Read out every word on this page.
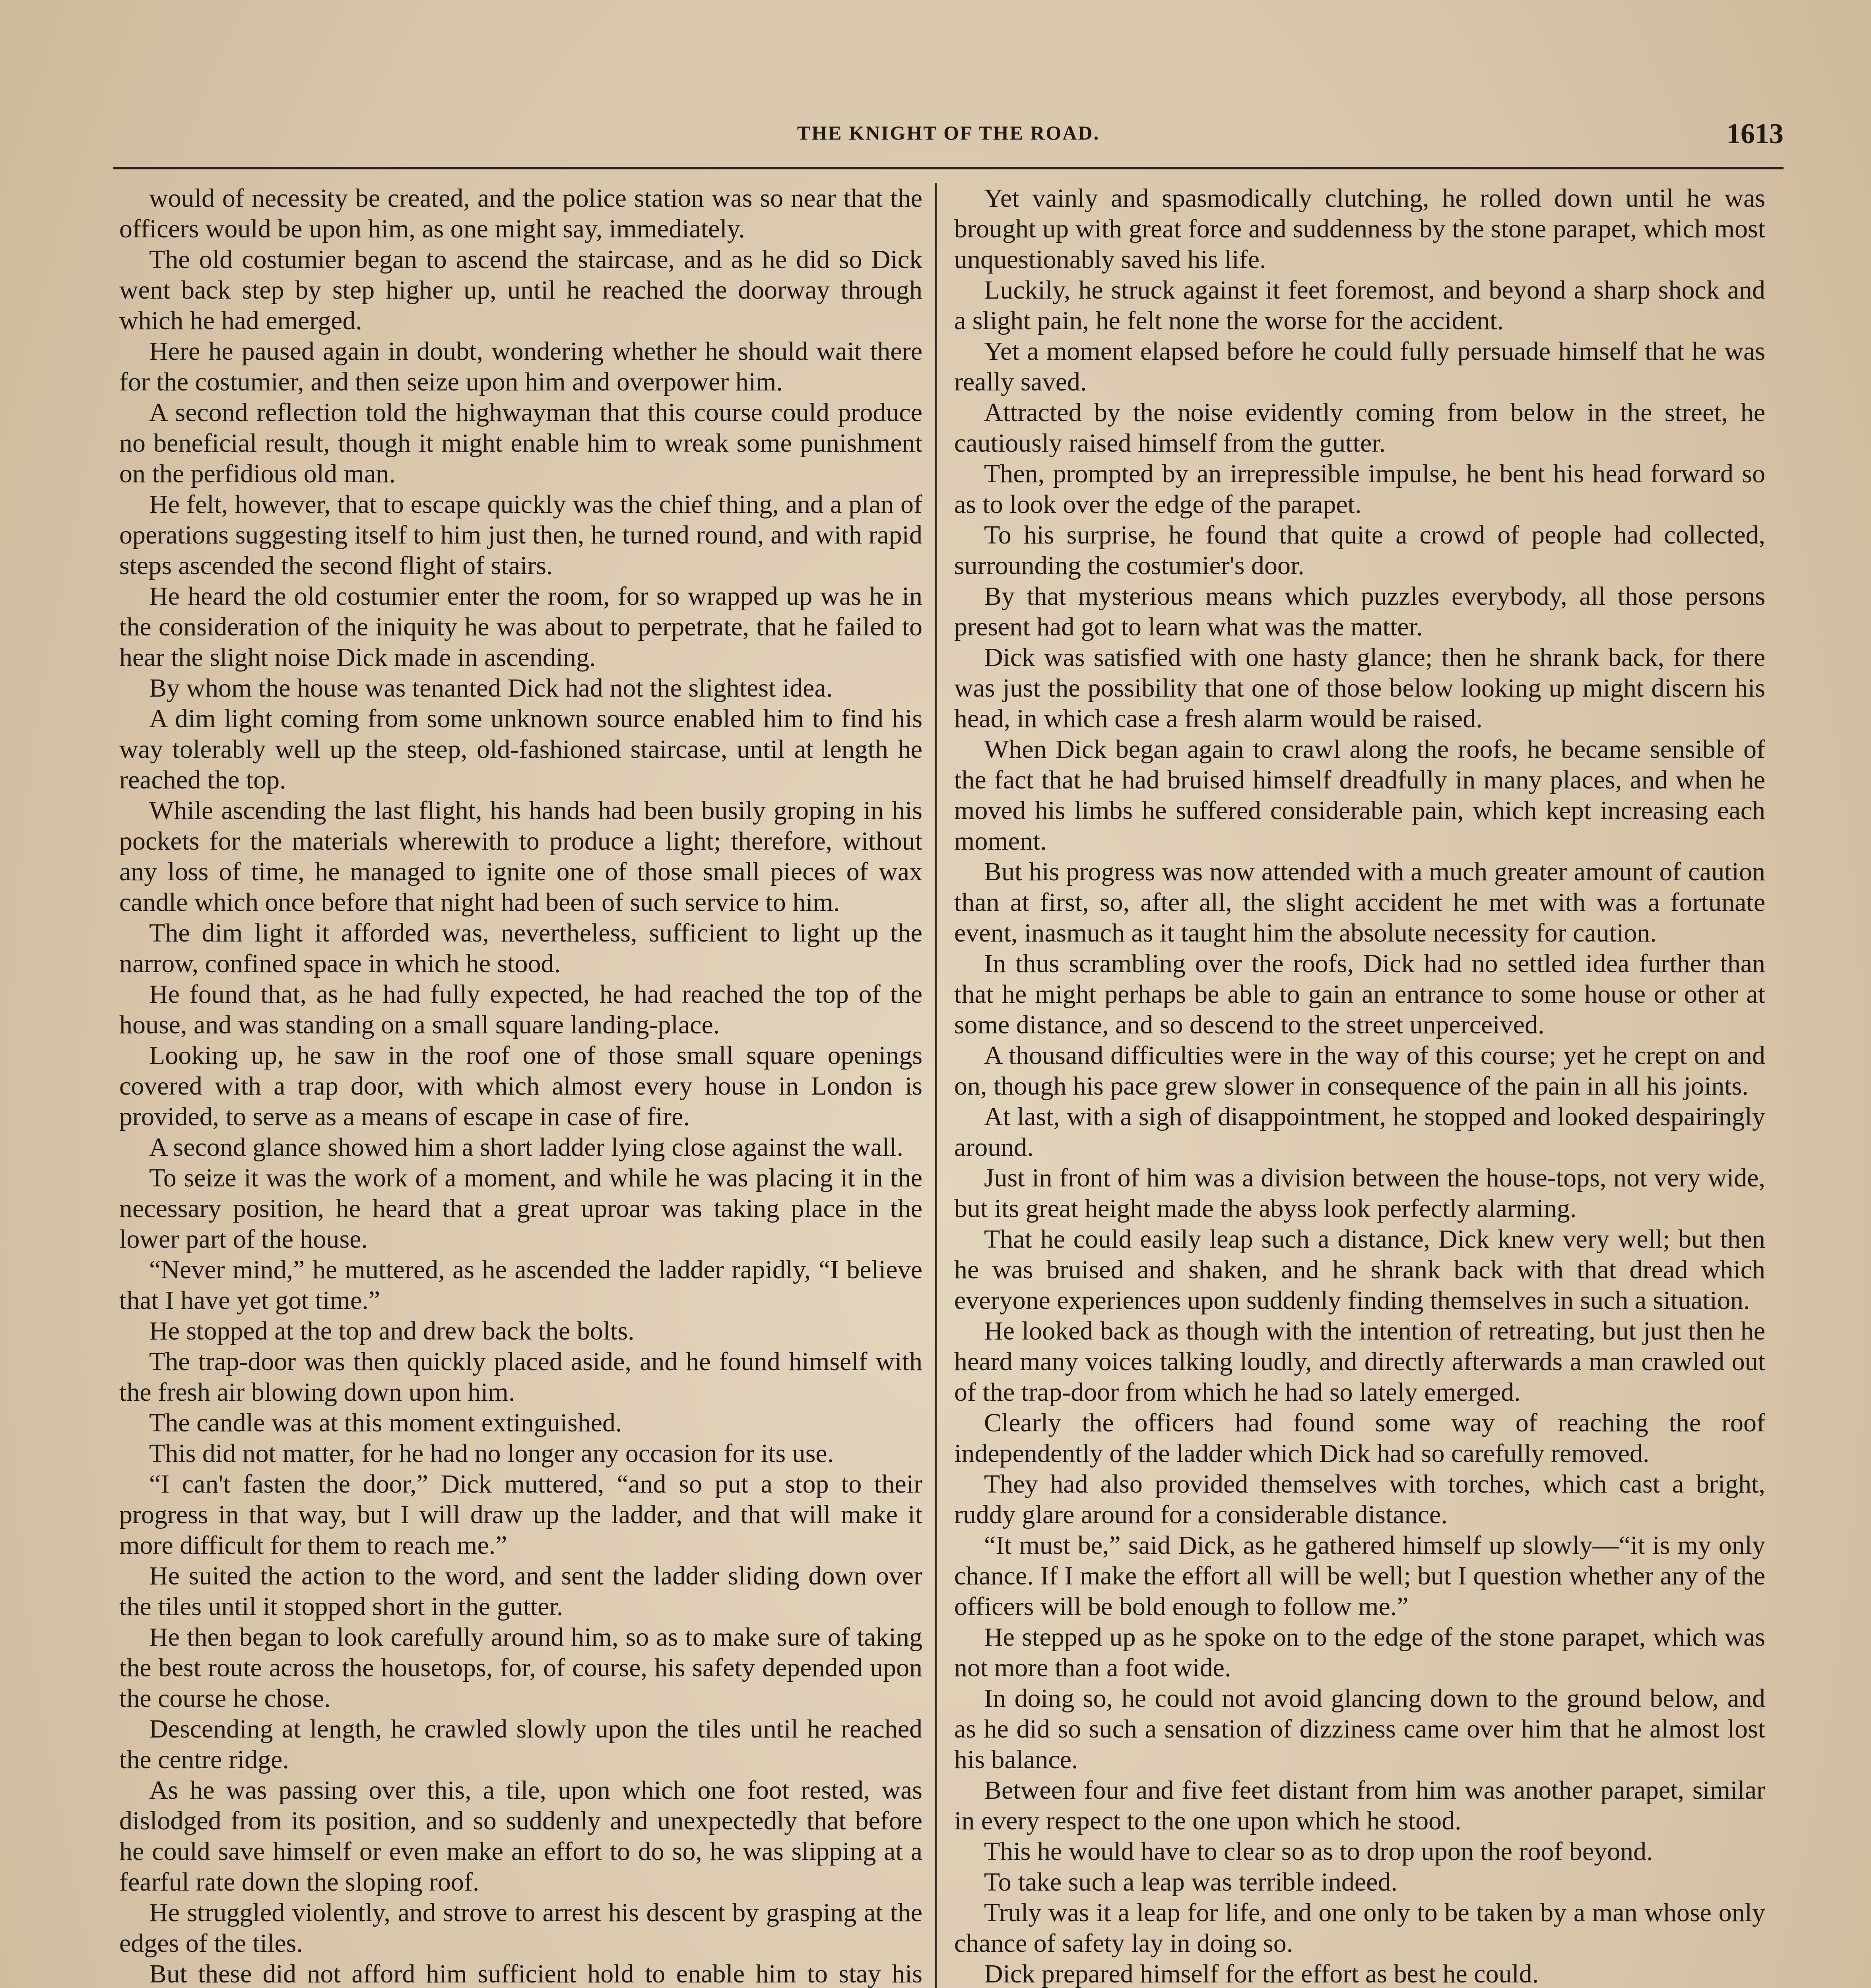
THE KNIGHT OF THE ROAD.	1613

would of necessity be created, and the police station was so near that the officers would be upon him, as one might say, immediately.

The old costumier began to ascend the staircase, and as he did so Dick went back step by step higher up, until he reached the doorway through which he had emerged.

Here he paused again in doubt, wondering whether he should wait there for the costumier, and then seize upon him and overpower him.

A second reflection told the highwayman that this course could produce no beneficial result, though it might enable him to wreak some punishment on the perfidious old man.

He felt, however, that to escape quickly was the chief thing, and a plan of operations suggesting itself to him just then, he turned round, and with rapid steps ascended the second flight of stairs.

He heard the old costumier enter the room, for so wrapped up was he in the consideration of the iniquity he was about to perpetrate, that he failed to hear the slight noise Dick made in ascending.

By whom the house was tenanted Dick had not the slightest idea.

A dim light coming from some unknown source enabled him to find his way tolerably well up the steep, old-fashioned staircase, until at length he reached the top.

While ascending the last flight, his hands had been busily groping in his pockets for the materials wherewith to produce a light; therefore, without any loss of time, he managed to ignite one of those small pieces of wax candle which once before that night had been of such service to him.

The dim light it afforded was, nevertheless, sufficient to light up the narrow, confined space in which he stood.

He found that, as he had fully expected, he had reached the top of the house, and was standing on a small square landing-place.

Looking up, he saw in the roof one of those small square openings covered with a trap door, with which almost every house in London is provided, to serve as a means of escape in case of fire.

A second glance showed him a short ladder lying close against the wall.

To seize it was the work of a moment, and while he was placing it in the necessary position, he heard that a great uproar was taking place in the lower part of the house.

“Never mind,” he muttered, as he ascended the ladder rapidly, “I believe that I have yet got time.”

He stopped at the top and drew back the bolts.

The trap-door was then quickly placed aside, and he found himself with the fresh air blowing down upon him.

The candle was at this moment extinguished.

This did not matter, for he had no longer any occasion for its use.

“I can't fasten the door,” Dick muttered, “and so put a stop to their progress in that way, but I will draw up the ladder, and that will make it more difficult for them to reach me.”

He suited the action to the word, and sent the ladder sliding down over the tiles until it stopped short in the gutter.

He then began to look carefully around him, so as to make sure of taking the best route across the housetops, for, of course, his safety depended upon the course he chose.

Descending at length, he crawled slowly upon the tiles until he reached the centre ridge.

As he was passing over this, a tile, upon which one foot rested, was dislodged from its position, and so suddenly and unexpectedly that before he could save himself or even make an effort to do so, he was slipping at a fearful rate down the sloping roof.

He struggled violently, and strove to arrest his descent by grasping at the edges of the tiles.

But these did not afford him sufficient hold to enable him to stay his

Yet vainly and spasmodically clutching, he rolled down until he was brought up with great force and suddenness by the stone parapet, which most unquestionably saved his life.

Luckily, he struck against it feet foremost, and beyond a sharp shock and a slight pain, he felt none the worse for the accident.

Yet a moment elapsed before he could fully persuade himself that he was really saved.

Attracted by the noise evidently coming from below in the street, he cautiously raised himself from the gutter.

Then, prompted by an irrepressible impulse, he bent his head forward so as to look over the edge of the parapet.

To his surprise, he found that quite a crowd of people had collected, surrounding the costumier's door.

By that mysterious means which puzzles everybody, all those persons present had got to learn what was the matter.

Dick was satisfied with one hasty glance; then he shrank back, for there was just the possibility that one of those below looking up might discern his head, in which case a fresh alarm would be raised.

When Dick began again to crawl along the roofs, he became sensible of the fact that he had bruised himself dreadfully in many places, and when he moved his limbs he suffered considerable pain, which kept increasing each moment.

But his progress was now attended with a much greater amount of caution than at first, so, after all, the slight accident he met with was a fortunate event, inasmuch as it taught him the absolute necessity for caution.

In thus scrambling over the roofs, Dick had no settled idea further than that he might perhaps be able to gain an entrance to some house or other at some distance, and so descend to the street unperceived.

A thousand difficulties were in the way of this course; yet he crept on and on, though his pace grew slower in consequence of the pain in all his joints.

At last, with a sigh of disappointment, he stopped and looked despairingly around.

Just in front of him was a division between the house-tops, not very wide, but its great height made the abyss look perfectly alarming.

That he could easily leap such a distance, Dick knew very well; but then he was bruised and shaken, and he shrank back with that dread which everyone experiences upon suddenly finding themselves in such a situation.

He looked back as though with the intention of retreating, but just then he heard many voices talking loudly, and directly afterwards a man crawled out of the trap-door from which he had so lately emerged.

Clearly the officers had found some way of reaching the roof independently of the ladder which Dick had so carefully removed.

They had also provided themselves with torches, which cast a bright, ruddy glare around for a considerable distance.

“It must be,” said Dick, as he gathered himself up slowly—“it is my only chance. If I make the effort all will be well; but I question whether any of the officers will be bold enough to follow me.”

He stepped up as he spoke on to the edge of the stone parapet, which was not more than a foot wide.

In doing so, he could not avoid glancing down to the ground below, and as he did so such a sensation of dizziness came over him that he almost lost his balance.

Between four and five feet distant from him was another parapet, similar in every respect to the one upon which he stood.

This he would have to clear so as to drop upon the roof beyond.

To take such a leap was terrible indeed.

Truly was it a leap for life, and one only to be taken by a man whose only chance of safety lay in doing so.

Dick prepared himself for the effort as best he could.
